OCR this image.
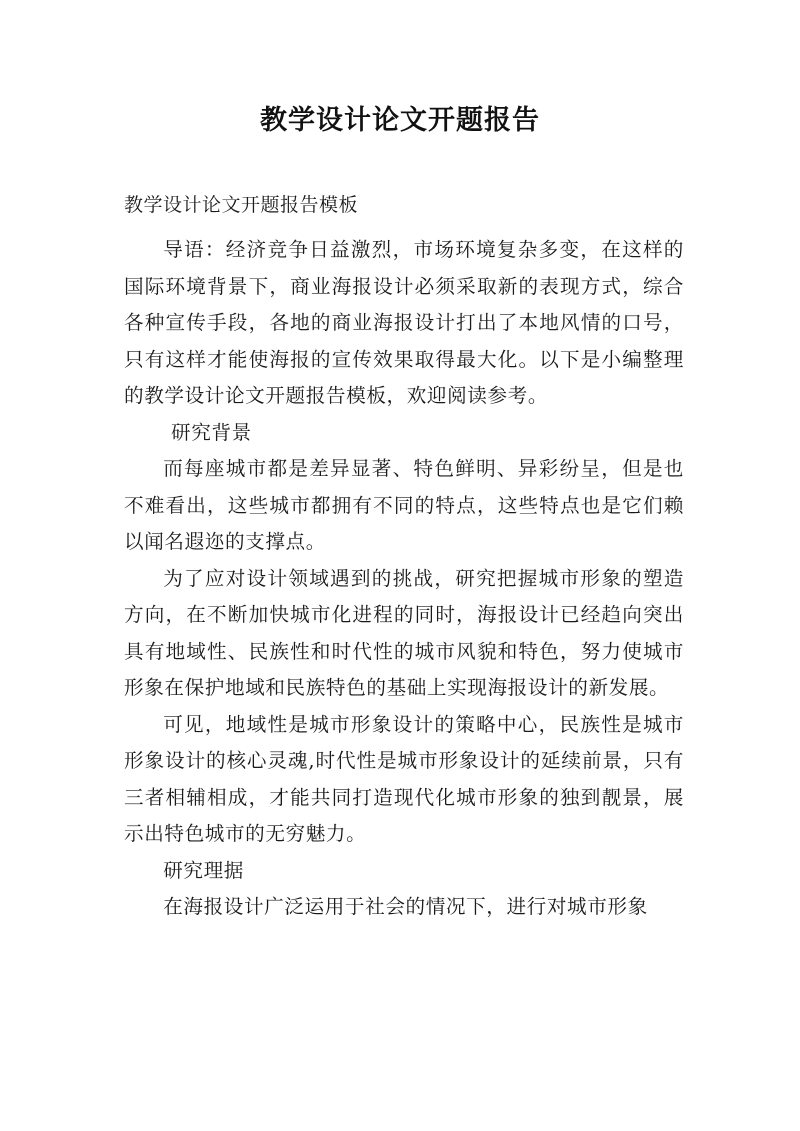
教学设计论文开题报告
教学设计论文开题报告模板

导语：经济竞争日益激烈，市场环境复杂多变，在这样的国际环境背景下，商业海报设计必须采取新的表现方式，综合各种宣传手段，各地的商业海报设计打出了本地风情的口号，只有这样才能使海报的宣传效果取得最大化。以下是小编整理的教学设计论文开题报告模板，欢迎阅读参考。

研究背景

而每座城市都是差异显著、特色鲜明、异彩纷呈，但是也不难看出，这些城市都拥有不同的特点，这些特点也是它们赖以闻名遐迩的支撑点。

为了应对设计领域遇到的挑战，研究把握城市形象的塑造方向，在不断加快城市化进程的同时，海报设计已经趋向突出具有地域性、民族性和时代性的城市风貌和特色，努力使城市形象在保护地域和民族特色的基础上实现海报设计的新发展。

可见，地域性是城市形象设计的策略中心，民族性是城市形象设计的核心灵魂,时代性是城市形象设计的延续前景，只有三者相辅相成，才能共同打造现代化城市形象的独到靓景，展示出特色城市的无穷魅力。

研究理据

在海报设计广泛运用于社会的情况下，进行对城市形象
